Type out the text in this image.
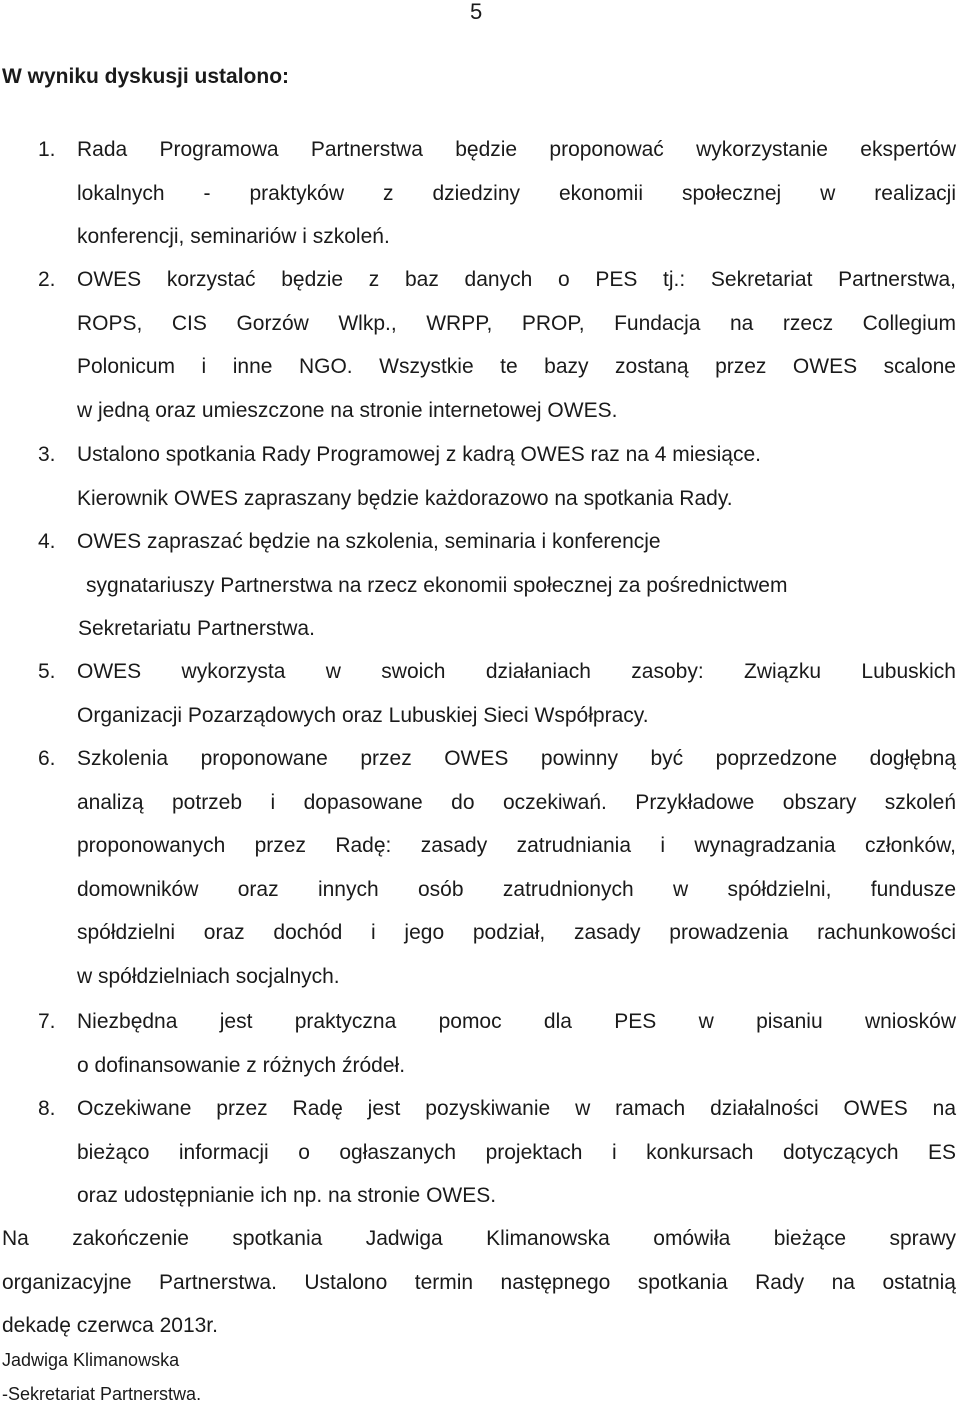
5
W wyniku dyskusji ustalono:
1. Rada Programowa Partnerstwa będzie proponować wykorzystanie ekspertów
lokalnych - praktyków z dziedziny ekonomii społecznej w realizacji
konferencji, seminariów i szkoleń.
2. OWES korzystać będzie z baz danych o PES tj.: Sekretariat Partnerstwa,
ROPS, CIS Gorzów Wlkp., WRPP, PROP, Fundacja na rzecz Collegium
Polonicum i inne NGO. Wszystkie te bazy zostaną przez OWES scalone
w jedną oraz umieszczone na stronie internetowej OWES.
3. Ustalono spotkania Rady Programowej z kadrą OWES raz na 4 miesiące.
Kierownik OWES zapraszany będzie każdorazowo na spotkania Rady.
4. OWES zapraszać będzie na szkolenia, seminaria i konferencje
sygnatariuszy Partnerstwa na rzecz ekonomii społecznej za pośrednictwem
Sekretariatu Partnerstwa.
5. OWES wykorzysta w swoich działaniach zasoby: Związku Lubuskich
Organizacji Pozarządowych oraz Lubuskiej Sieci Współpracy.
6. Szkolenia proponowane przez OWES powinny być poprzedzone dogłębną
analizą potrzeb i dopasowane do oczekiwań. Przykładowe obszary szkoleń
proponowanych przez Radę: zasady zatrudniania i wynagradzania członków,
domowników oraz innych osób zatrudnionych w spółdzielni, fundusze
spółdzielni oraz dochód i jego podział, zasady prowadzenia rachunkowości
w spółdzielniach socjalnych.
7. Niezbędna jest praktyczna pomoc dla PES w pisaniu wniosków
o dofinansowanie z różnych źródeł.
8. Oczekiwane przez Radę jest pozyskiwanie w ramach działalności OWES na
bieżąco informacji o ogłaszanych projektach i konkursach dotyczących ES
oraz udostępnianie ich np. na stronie OWES.
Na zakończenie spotkania Jadwiga Klimanowska omówiła bieżące sprawy
organizacyjne Partnerstwa. Ustalono termin następnego spotkania Rady na ostatnią
dekadę czerwca 2013r.
Jadwiga Klimanowska
-Sekretariat Partnerstwa.
